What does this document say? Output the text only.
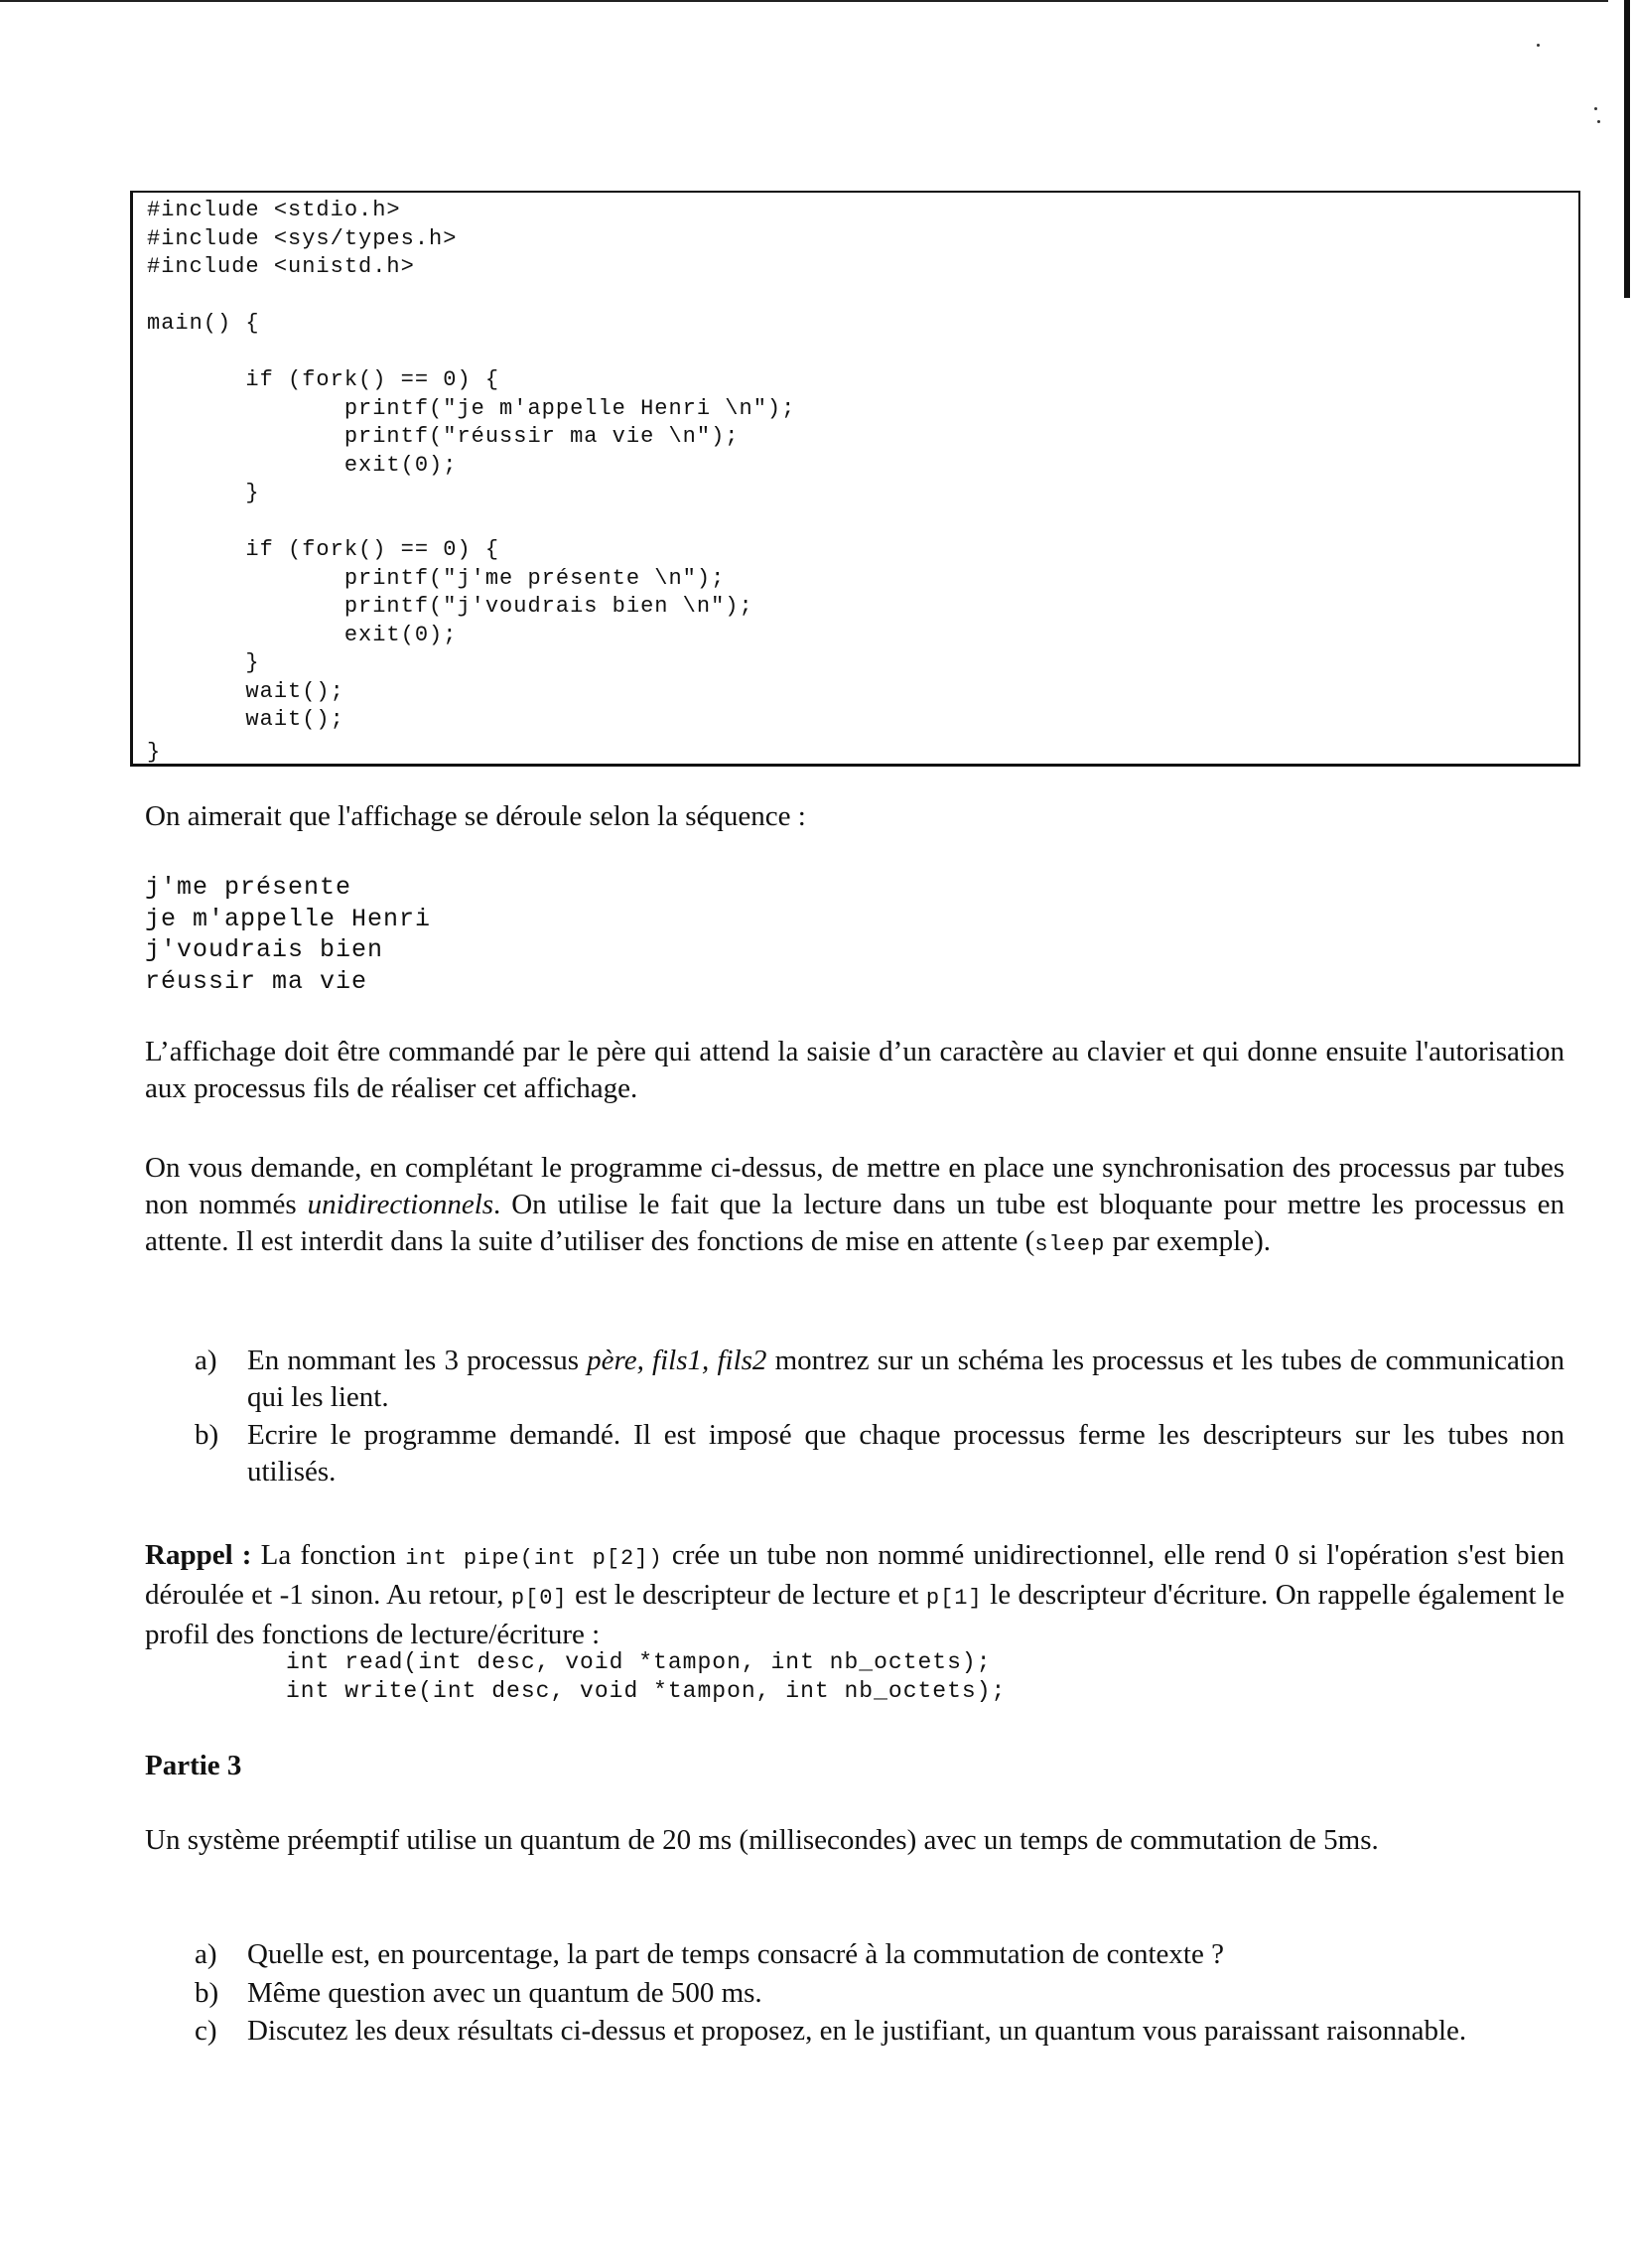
#include <stdio.h>
#include <sys/types.h>
#include <unistd.h>

main() {

if (fork() == 0) {
printf("je m'appelle Henri \n");
printf("réussir ma vie \n");
exit(0);
}

if (fork() == 0) {
printf("j'me présente \n");
printf("j'voudrais bien \n");
exit(0);
}
wait();
wait();
}

On aimerait que l'affichage se déroule selon la séquence :

j'me présente
je m'appelle Henri
j'voudrais bien
réussir ma vie

L’affichage doit être commandé par le père qui attend la saisie d’un caractère au clavier et qui donne ensuite l'autorisation aux processus fils de réaliser cet affichage.

On vous demande, en complétant le programme ci-dessus, de mettre en place une synchronisation des processus par tubes non nommés unidirectionnels. On utilise le fait que la lecture dans un tube est bloquante pour mettre les processus en attente. Il est interdit dans la suite d’utiliser des fonctions de mise en attente (sleep par exemple).

a) En nommant les 3 processus père, fils1, fils2 montrez sur un schéma les processus et les tubes de communication qui les lient.
b) Ecrire le programme demandé. Il est imposé que chaque processus ferme les descripteurs sur les tubes non utilisés.

Rappel : La fonction int pipe(int p[2]) crée un tube non nommé unidirectionnel, elle rend 0 si l'opération s'est bien déroulée et -1 sinon. Au retour, p[0] est le descripteur de lecture et p[1] le descripteur d'écriture. On rappelle également le profil des fonctions de lecture/écriture :

int read(int desc, void *tampon, int nb_octets);
int write(int desc, void *tampon, int nb_octets);

Partie 3

Un système préemptif utilise un quantum de 20 ms (millisecondes) avec un temps de commutation de 5ms.

a) Quelle est, en pourcentage, la part de temps consacré à la commutation de contexte ?
b) Même question avec un quantum de 500 ms.
c) Discutez les deux résultats ci-dessus et proposez, en le justifiant, un quantum vous paraissant raisonnable.
